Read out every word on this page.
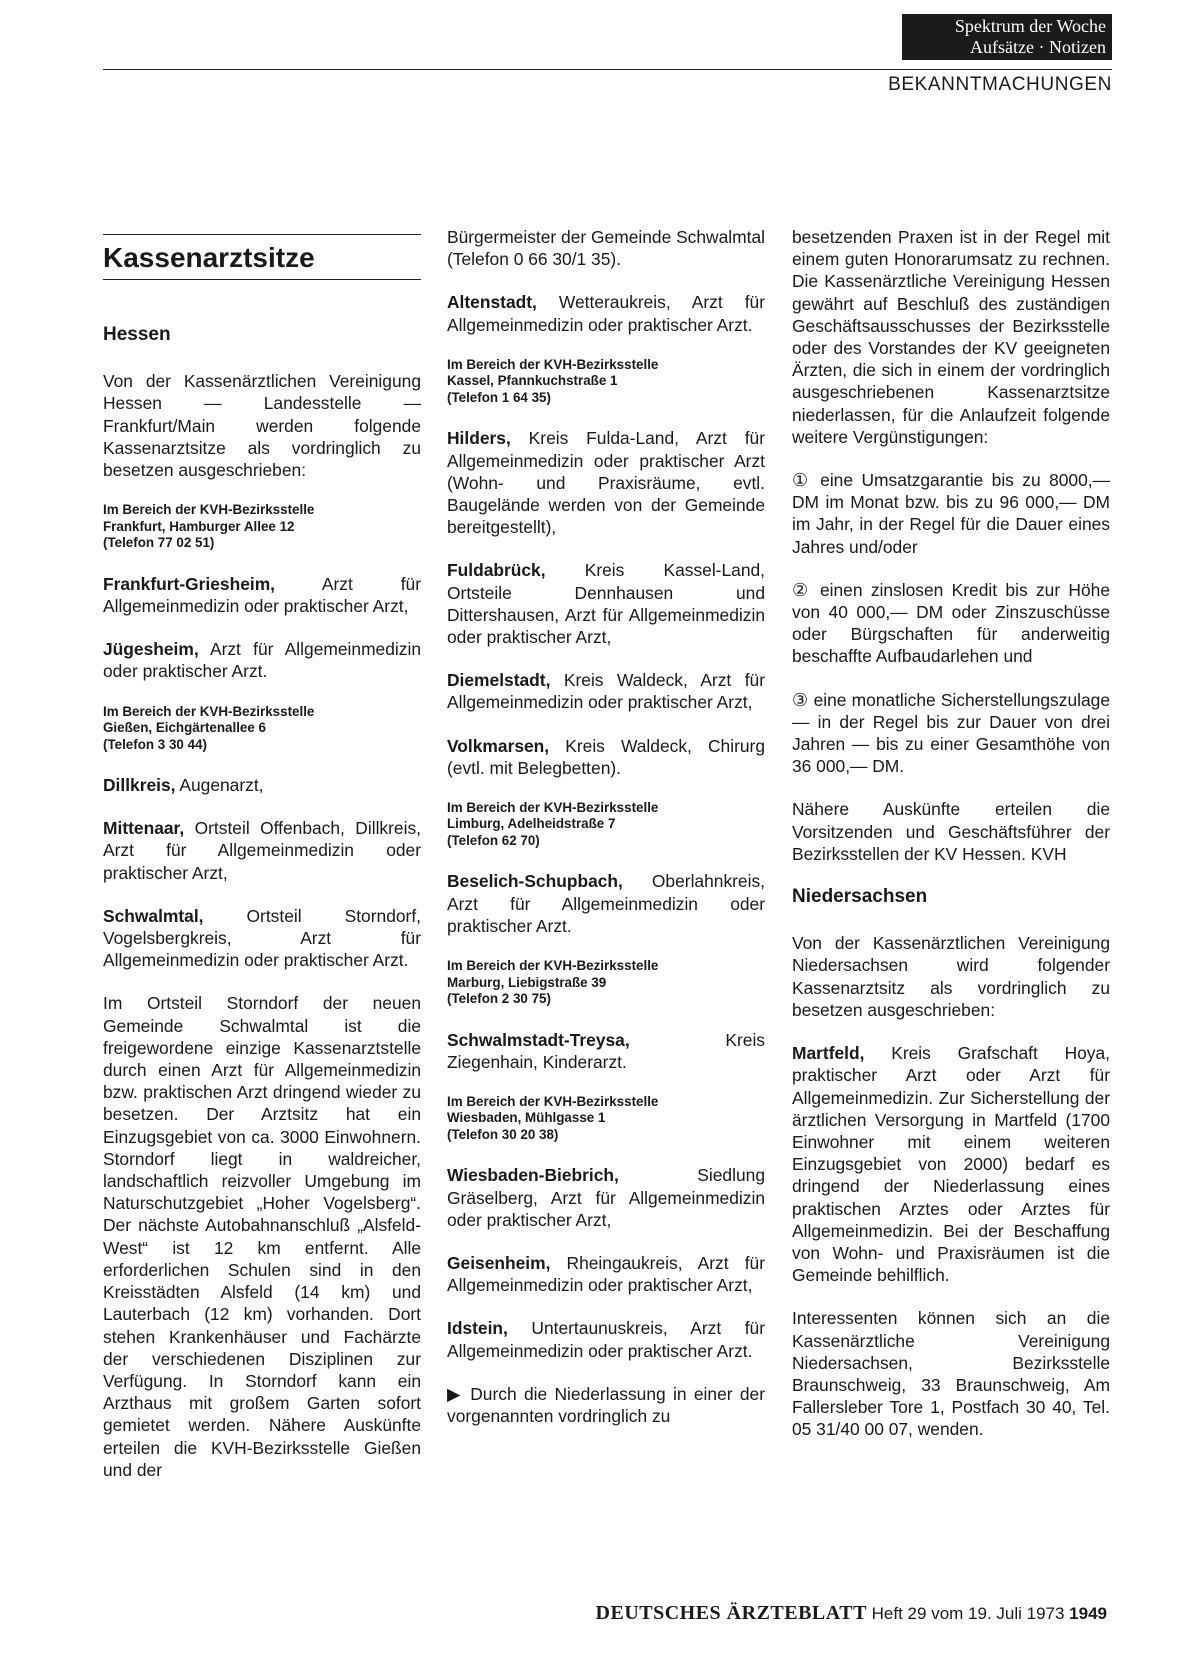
Spektrum der Woche
Aufsätze · Notizen
BEKANNTMACHUNGEN
Kassenarztsitze
Hessen

Von der Kassenärztlichen Vereinigung Hessen — Landesstelle — Frankfurt/Main werden folgende Kassenarztsitze als vordringlich zu besetzen ausgeschrieben:

Im Bereich der KVH-Bezirksstelle
Frankfurt, Hamburger Allee 12
(Telefon 77 02 51)

Frankfurt-Griesheim, Arzt für Allgemeinmedizin oder praktischer Arzt,

Jügesheim, Arzt für Allgemeinmedizin oder praktischer Arzt.

Im Bereich der KVH-Bezirksstelle
Gießen, Eichgärtenallee 6
(Telefon 3 30 44)

Dillkreis, Augenarzt,

Mittenaar, Ortsteil Offenbach, Dillkreis, Arzt für Allgemeinmedizin oder praktischer Arzt,

Schwalmtal, Ortsteil Storndorf, Vogelsbergkreis, Arzt für Allgemeinmedizin oder praktischer Arzt.

Im Ortsteil Storndorf der neuen Gemeinde Schwalmtal ist die freigewordene einzige Kassenarztstelle durch einen Arzt für Allgemeinmedizin bzw. praktischen Arzt dringend wieder zu besetzen. Der Arztsitz hat ein Einzugsgebiet von ca. 3000 Einwohnern. Storndorf liegt in waldreicher, landschaftlich reizvoller Umgebung im Naturschutzgebiet „Hoher Vogelsberg“. Der nächste Autobahnanschluß „Alsfeld-West“ ist 12 km entfernt. Alle erforderlichen Schulen sind in den Kreisstädten Alsfeld (14 km) und Lauterbach (12 km) vorhanden. Dort stehen Krankenhäuser und Fachärzte der verschiedenen Disziplinen zur Verfügung. In Storndorf kann ein Arzthaus mit großem Garten sofort gemietet werden. Nähere Auskünfte erteilen die KVH-Bezirksstelle Gießen und der

Bürgermeister der Gemeinde Schwalmtal (Telefon 0 66 30/1 35).

Altenstadt, Wetteraukreis, Arzt für Allgemeinmedizin oder praktischer Arzt.

Im Bereich der KVH-Bezirksstelle
Kassel, Pfannkuchstraße 1
(Telefon 1 64 35)

Hilders, Kreis Fulda-Land, Arzt für Allgemeinmedizin oder praktischer Arzt (Wohn- und Praxisräume, evtl. Baugelände werden von der Gemeinde bereitgestellt),

Fuldabrück, Kreis Kassel-Land, Ortsteile Dennhausen und Dittershausen, Arzt für Allgemeinmedizin oder praktischer Arzt,

Diemelstadt, Kreis Waldeck, Arzt für Allgemeinmedizin oder praktischer Arzt,

Volkmarsen, Kreis Waldeck, Chirurg (evtl. mit Belegbetten).

Im Bereich der KVH-Bezirksstelle
Limburg, Adelheidstraße 7
(Telefon 62 70)

Beselich-Schupbach, Oberlahnkreis, Arzt für Allgemeinmedizin oder praktischer Arzt.

Im Bereich der KVH-Bezirksstelle
Marburg, Liebigstraße 39
(Telefon 2 30 75)

Schwalmstadt-Treysa, Kreis Ziegenhain, Kinderarzt.

Im Bereich der KVH-Bezirksstelle
Wiesbaden, Mühlgasse 1
(Telefon 30 20 38)

Wiesbaden-Biebrich, Siedlung Gräselberg, Arzt für Allgemeinmedizin oder praktischer Arzt,

Geisenheim, Rheingaukreis, Arzt für Allgemeinmedizin oder praktischer Arzt,

Idstein, Untertaunuskreis, Arzt für Allgemeinmedizin oder praktischer Arzt.

▶ Durch die Niederlassung in einer der vorgenannten vordringlich zu

besetzenden Praxen ist in der Regel mit einem guten Honorarumsatz zu rechnen. Die Kassenärztliche Vereinigung Hessen gewährt auf Beschluß des zuständigen Geschäftsausschusses der Bezirksstelle oder des Vorstandes der KV geeigneten Ärzten, die sich in einem der vordringlich ausgeschriebenen Kassenarztsitze niederlassen, für die Anlaufzeit folgende weitere Vergünstigungen:

① eine Umsatzgarantie bis zu 8000,— DM im Monat bzw. bis zu 96 000,— DM im Jahr, in der Regel für die Dauer eines Jahres und/oder

② einen zinslosen Kredit bis zur Höhe von 40 000,— DM oder Zinszuschüsse oder Bürgschaften für anderweitig beschaffte Aufbaudarlehen und

③ eine monatliche Sicherstellungszulage — in der Regel bis zur Dauer von drei Jahren — bis zu einer Gesamthöhe von 36 000,— DM.

Nähere Auskünfte erteilen die Vorsitzenden und Geschäftsführer der Bezirksstellen der KV Hessen. KVH

Niedersachsen

Von der Kassenärztlichen Vereinigung Niedersachsen wird folgender Kassenarztsitz als vordringlich zu besetzen ausgeschrieben:

Martfeld, Kreis Grafschaft Hoya, praktischer Arzt oder Arzt für Allgemeinmedizin. Zur Sicherstellung der ärztlichen Versorgung in Martfeld (1700 Einwohner mit einem weiteren Einzugsgebiet von 2000) bedarf es dringend der Niederlassung eines praktischen Arztes oder Arztes für Allgemeinmedizin. Bei der Beschaffung von Wohn- und Praxisräumen ist die Gemeinde behilflich.

Interessenten können sich an die Kassenärztliche Vereinigung Niedersachsen, Bezirksstelle Braunschweig, 33 Braunschweig, Am Fallersleber Tore 1, Postfach 30 40, Tel. 05 31/40 00 07, wenden.

DEUTSCHES ÄRZTEBLATT Heft 29 vom 19. Juli 1973 1949
